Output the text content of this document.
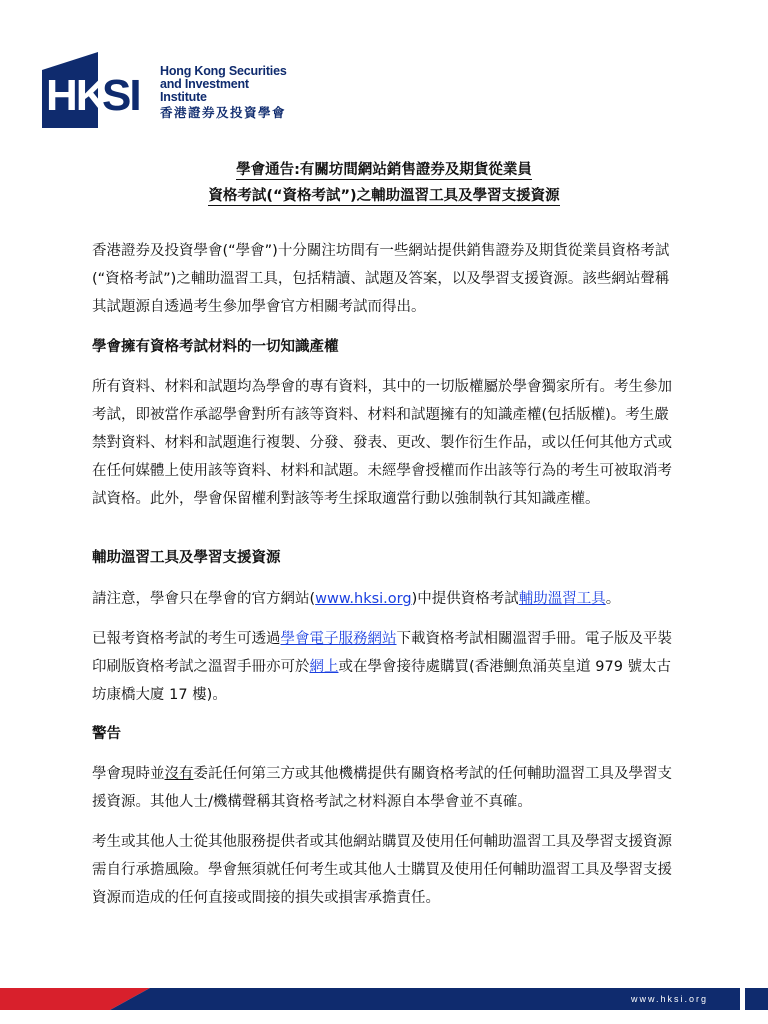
HK
SI Hong Kong Securities
and Investment Institute
香港證券及投資學會
學會通告:有關坊間網站銷售證券及期貨從業員
資格考試(“資格考試”)之輔助溫習工具及學習支援資源
香港證券及投資學會(“學會”)十分關注坊間有一些網站提供銷售證券及期貨從業員資格考試(“資格考試”)之輔助溫習工具，包括精讀、試題及答案，以及學習支援資源。該些網站聲稱其試題源自透過考生參加學會官方相關考試而得出。
學會擁有資格考試材料的一切知識產權
所有資料、材料和試題均為學會的專有資料，其中的一切版權屬於學會獨家所有。考生參加考試，即被當作承認學會對所有該等資料、材料和試題擁有的知識產權(包括版權)。考生嚴禁對資料、材料和試題進行複製、分發、發表、更改、製作衍生作品，或以任何其他方式或在任何媒體上使用該等資料、材料和試題。未經學會授權而作出該等行為的考生可被取消考試資格。此外，學會保留權利對該等考生採取適當行動以強制執行其知識產權。
輔助溫習工具及學習支援資源
請注意，學會只在學會的官方網站(www.hksi.org)中提供資格考試輔助溫習工具。
已報考資格考試的考生可透過學會電子服務網站下載資格考試相關溫習手冊。電子版及平裝印刷版資格考試之溫習手冊亦可於網上或在學會接待處購買(香港鰂魚涌英皇道 979 號太古坊康橋大廈 17 樓)。
警告
學會現時並沒有委託任何第三方或其他機構提供有關資格考試的任何輔助溫習工具及學習支援資源。其他人士/機構聲稱其資格考試之材料源自本學會並不真確。
考生或其他人士從其他服務提供者或其他網站購買及使用任何輔助溫習工具及學習支援資源需自行承擔風險。學會無須就任何考生或其他人士購買及使用任何輔助溫習工具及學習支援資源而造成的任何直接或間接的損失或損害承擔責任。
www.hksi.org
